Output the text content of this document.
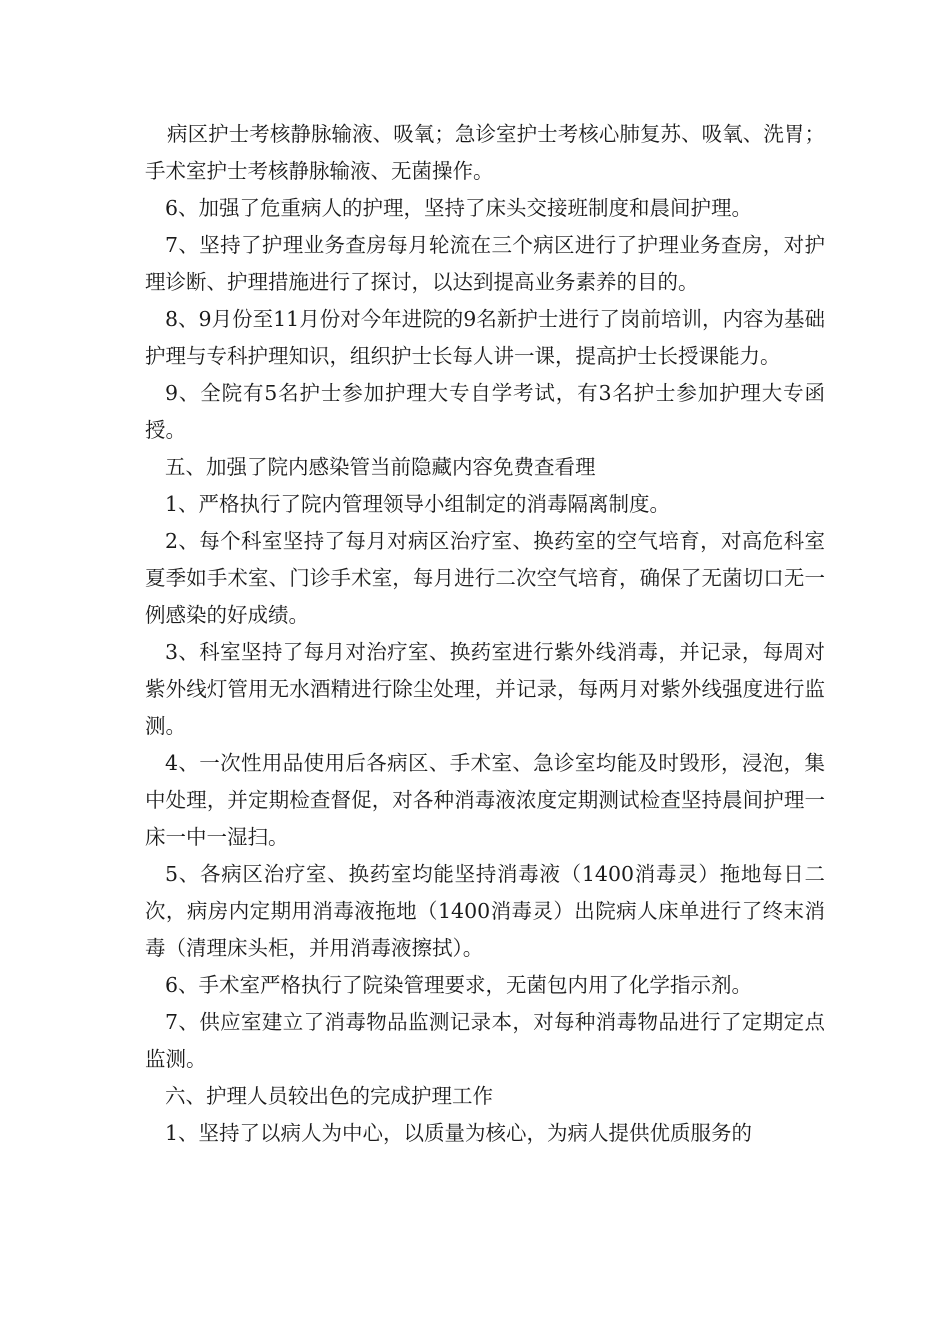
病区护士考核静脉输液、吸氧；急诊室护士考核心肺复苏、吸氧、洗胃；手术室护士考核静脉输液、无菌操作。

6、加强了危重病人的护理，坚持了床头交接班制度和晨间护理。

7、坚持了护理业务查房每月轮流在三个病区进行了护理业务查房，对护理诊断、护理措施进行了探讨，以达到提高业务素养的目的。

8、9月份至11月份对今年进院的9名新护士进行了岗前培训，内容为基础护理与专科护理知识，组织护士长每人讲一课，提高护士长授课能力。

9、全院有5名护士参加护理大专自学考试，有3名护士参加护理大专函授。

五、加强了院内感染管当前隐藏内容免费查看理

1、严格执行了院内管理领导小组制定的消毒隔离制度。

2、每个科室坚持了每月对病区治疗室、换药室的空气培育，对高危科室夏季如手术室、门诊手术室，每月进行二次空气培育，确保了无菌切口无一例感染的好成绩。

3、科室坚持了每月对治疗室、换药室进行紫外线消毒，并记录，每周对紫外线灯管用无水酒精进行除尘处理，并记录，每两月对紫外线强度进行监测。

4、一次性用品使用后各病区、手术室、急诊室均能及时毁形，浸泡，集中处理，并定期检查督促，对各种消毒液浓度定期测试检查坚持晨间护理一床一中一湿扫。

5、各病区治疗室、换药室均能坚持消毒液（1400消毒灵）拖地每日二次，病房内定期用消毒液拖地（1400消毒灵）出院病人床单进行了终末消毒（清理床头柜，并用消毒液擦拭）。

6、手术室严格执行了院染管理要求，无菌包内用了化学指示剂。

7、供应室建立了消毒物品监测记录本，对每种消毒物品进行了定期定点监测。

六、护理人员较出色的完成护理工作

1、坚持了以病人为中心，以质量为核心，为病人提供优质服务的
